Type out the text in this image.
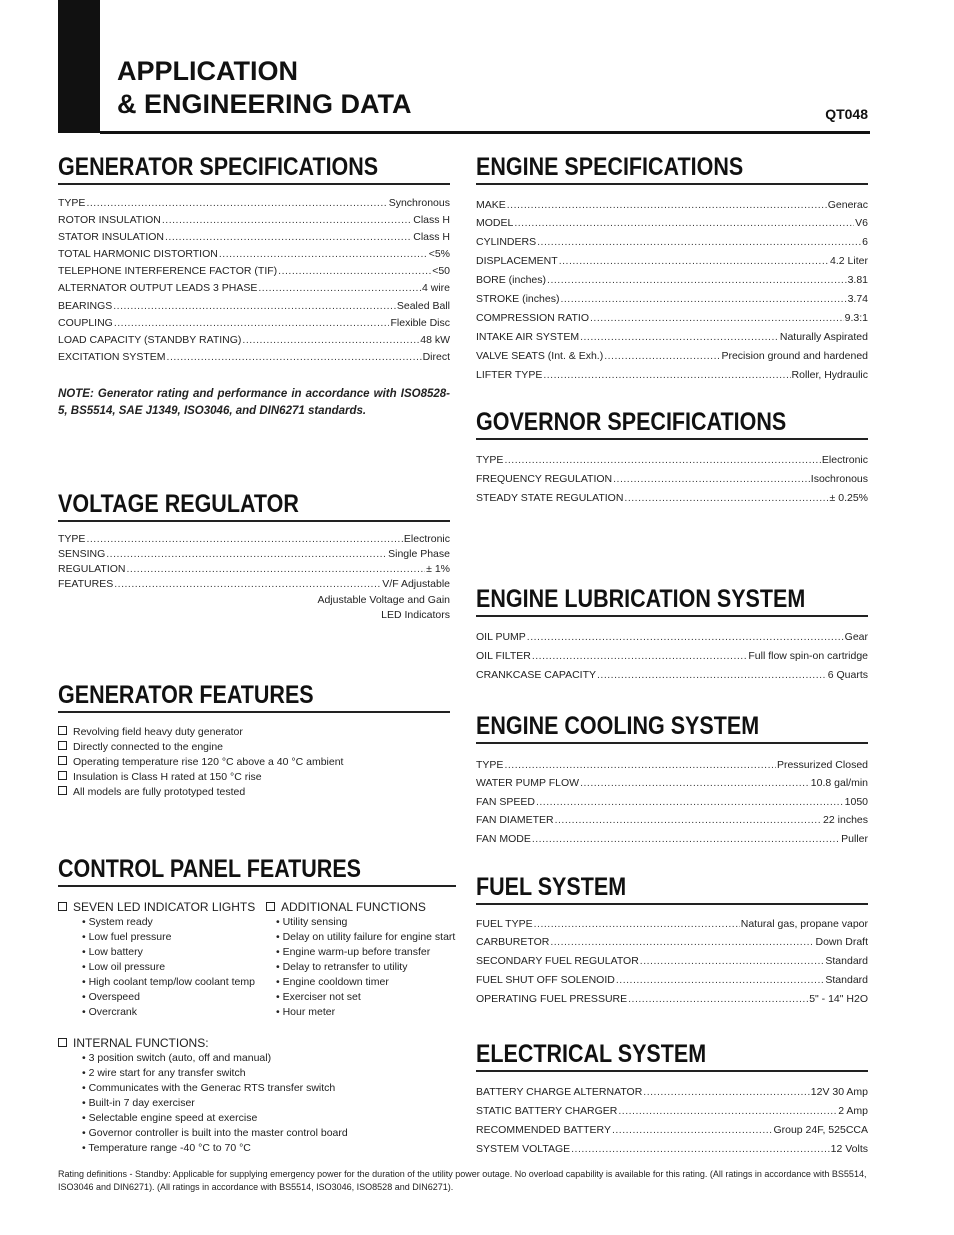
APPLICATION
& ENGINEERING DATA	QT048
GENERATOR SPECIFICATIONS
TYPE .....	Synchronous
ROTOR INSULATION .....	Class H
STATOR INSULATION .....	Class H
TOTAL HARMONIC DISTORTION .....	<5%
TELEPHONE INTERFERENCE FACTOR (TIF) .....	<50
ALTERNATOR OUTPUT LEADS 3 PHASE .....	4 wire
BEARINGS .....	Sealed Ball
COUPLING .....	Flexible Disc
LOAD CAPACITY (STANDBY RATING) .....	48 kW
EXCITATION SYSTEM .....	Direct
NOTE: Generator rating and performance in accordance with ISO8528-5, BS5514, SAE J1349, ISO3046, and DIN6271 standards.
VOLTAGE REGULATOR
TYPE .....	Electronic
SENSING .....	Single Phase
REGULATION .....	± 1%
FEATURES .....	V/F Adjustable
Adjustable Voltage and Gain
LED Indicators
GENERATOR FEATURES
Revolving field heavy duty generator
Directly connected to the engine
Operating temperature rise 120 °C above a 40 °C ambient
Insulation is Class H rated at 150 °C rise
All models are fully prototyped tested
CONTROL PANEL FEATURES
SEVEN LED INDICATOR LIGHTS
• System ready
• Low fuel pressure
• Low battery
• Low oil pressure
• High coolant temp/low coolant temp
• Overspeed
• Overcrank
ADDITIONAL FUNCTIONS
• Utility sensing
• Delay on utility failure for engine start
• Engine warm-up before transfer
• Delay to retransfer to utility
• Engine cooldown timer
• Exerciser not set
• Hour meter
INTERNAL FUNCTIONS:
• 3 position switch (auto, off and manual)
• 2 wire start for any transfer switch
• Communicates with the Generac RTS transfer switch
• Built-in 7 day exerciser
• Selectable engine speed at exercise
• Governor controller is built into the master control board
• Temperature range -40 °C to 70 °C
ENGINE SPECIFICATIONS
MAKE .....	Generac
MODEL .....	V6
CYLINDERS .....	6
DISPLACEMENT .....	4.2 Liter
BORE (inches) .....	3.81
STROKE (inches) .....	3.74
COMPRESSION RATIO .....	9.3:1
INTAKE AIR SYSTEM .....	Naturally Aspirated
VALVE SEATS (Int. & Exh.) .....	Precision ground and hardened
LIFTER TYPE .....	Roller, Hydraulic
GOVERNOR SPECIFICATIONS
TYPE .....	Electronic
FREQUENCY REGULATION .....	Isochronous
STEADY STATE REGULATION .....	± 0.25%
ENGINE LUBRICATION SYSTEM
OIL PUMP .....	Gear
OIL FILTER .....	Full flow spin-on cartridge
CRANKCASE CAPACITY .....	6 Quarts
ENGINE COOLING SYSTEM
TYPE .....	Pressurized Closed
WATER PUMP FLOW .....	10.8 gal/min
FAN SPEED .....	1050
FAN DIAMETER .....	22 inches
FAN MODE .....	Puller
FUEL SYSTEM
FUEL TYPE .....	Natural gas, propane vapor
CARBURETOR .....	Down Draft
SECONDARY FUEL REGULATOR .....	Standard
FUEL SHUT OFF SOLENOID .....	Standard
OPERATING FUEL PRESSURE .....	5" - 14" H2O
ELECTRICAL SYSTEM
BATTERY CHARGE ALTERNATOR .....	12V 30 Amp
STATIC BATTERY CHARGER .....	2 Amp
RECOMMENDED BATTERY .....	Group 24F, 525CCA
SYSTEM VOLTAGE .....	12 Volts
Rating definitions - Standby: Applicable for supplying emergency power for the duration of the utility power outage. No overload capability is available for this rating. (All ratings in accordance with BS5514, ISO3046 and DIN6271). (All ratings in accordance with BS5514, ISO3046, ISO8528 and DIN6271).
